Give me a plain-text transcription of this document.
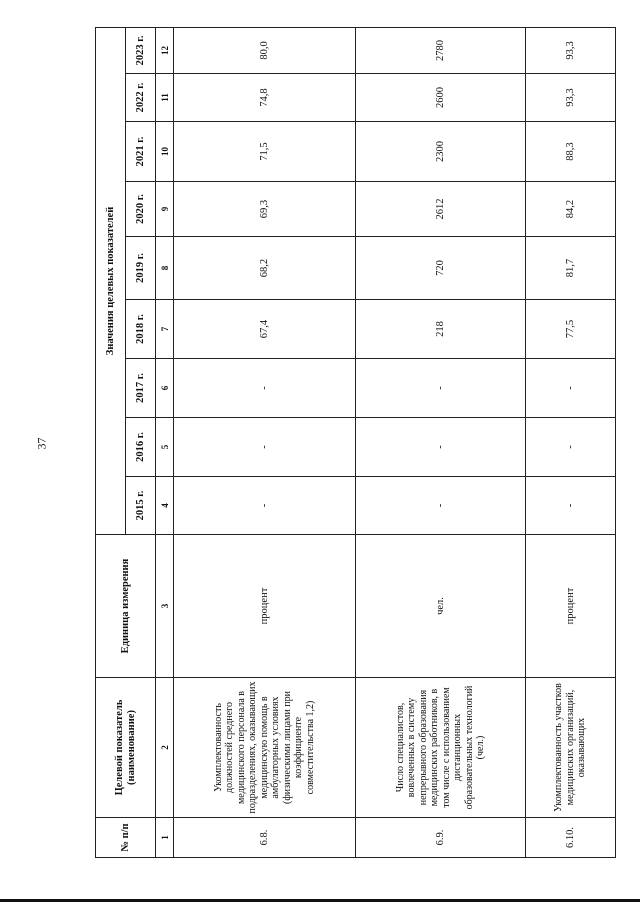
37
№ п/п	Целевой показатель (наименование)	Единица измерения	Значения целевых показателей								
			2015 г.	2016 г.	2017 г.	2018 г.	2019 г.	2020 г.	2021 г.	2022 г.	2023 г.
1	2	3	4	5	6	7	8	9	10	11	12
6.8.	Укомплектованность должностей среднего медицинского персонала в подразделениях, оказывающих медицинскую помощь в амбулаторных условиях (физическими лицами при коэффициенте совместительства 1,2)	процент	-	-	-	67,4	68,2	69,3	71,5	74,8	80,0
6.9.	Число специалистов, вовлеченных в систему непрерывного образования медицинских работников, в том числе с использованием дистанционных образовательных технологий (чел.)	чел.	-	-	-	218	720	2612	2300	2600	2780
6.10.	Укомплектованность участков медицинских организаций, оказывающих	процент	-	-	-	77,5	81,7	84,2	88,3	93,3	93,3
